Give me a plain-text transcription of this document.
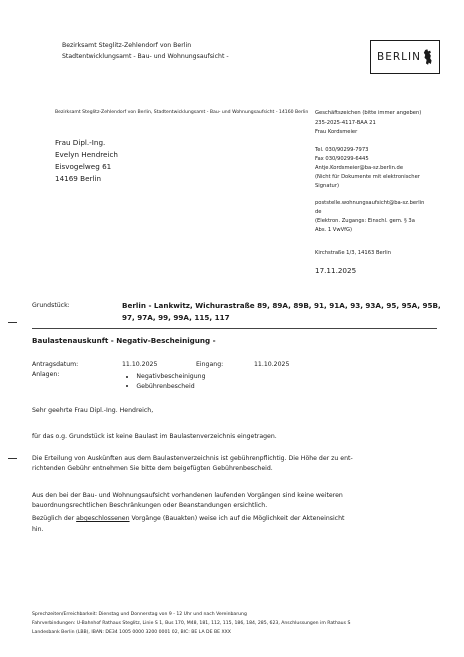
Bezirksamt Steglitz-Zehlendorf von Berlin
Stadtentwicklungsamt - Bau- und Wohnungsaufsicht -	BERLIN
Bezirksamt Steglitz-Zehlendorf von Berlin, Stadtentwicklungsamt - Bau- und Wohnungsaufsicht - 14160 Berlin
Frau Dipl.-Ing.
Evelyn Hendreich
Eisvogelweg 61
14169 Berlin
Geschäftszeichen (bitte immer angeben)
235-2025-4117-BAA 21
Frau Kordsmeier
Tel. 030/90299-7973
Fax 030/90299-6445
Antje.Kordsmeier@ba-sz.berlin.de
(Nicht für Dokumente mit elektronischer
Signatur)
poststelle.wohnungsaufsicht@ba-sz.berlin
de
(Elektron. Zugangs: Einschl. gem. § 3a
Abs. 1 VwVfG)
Kirchstraße 1/3, 14163 Berlin
17.11.2025
Grundstück:	Berlin - Lankwitz, Wichurastraße 89, 89A, 89B, 91, 91A, 93, 93A, 95, 95A, 95B,
97, 97A, 99, 99A, 115, 117
Baulastenauskunft - Negativ-Bescheinigung -
Antragsdatum:	11.10.2025	Eingang:	11.10.2025
Anlagen:	Negativbescheinigung
Gebührenbescheid
Sehr geehrte Frau Dipl.-Ing. Hendreich,
für das o.g. Grundstück ist keine Baulast im Baulastenverzeichnis eingetragen.
Die Erteilung von Auskünften aus dem Baulastenverzeichnis ist gebührenpflichtig. Die Höhe der zu ent-
richtenden Gebühr entnehmen Sie bitte dem beigefügten Gebührenbescheid.
Aus den bei der Bau- und Wohnungsaufsicht vorhandenen laufenden Vorgängen sind keine weiteren
bauordnungsrechtlichen Beschränkungen oder Beanstandungen ersichtlich.
Bezüglich der abgeschlossenen Vorgänge (Bauakten) weise ich auf die Möglichkeit der Akteneinsicht
hin.
Sprechzeiten/Erreichbarkeit: Dienstag und Donnerstag von 9 - 12 Uhr und nach Vereinbarung
Fahrverbindungen: U-Bahnhof Rathaus Steglitz, Linie S 1, Bus 170, M48, 181, 112, 115, 186, 184, 285, 623, Anschlussungen im Rathaus S
Landesbank Berlin (LBB), IBAN: DE34 1005 0000 3200 0001 02, BIC: BE LA DE BE XXX
